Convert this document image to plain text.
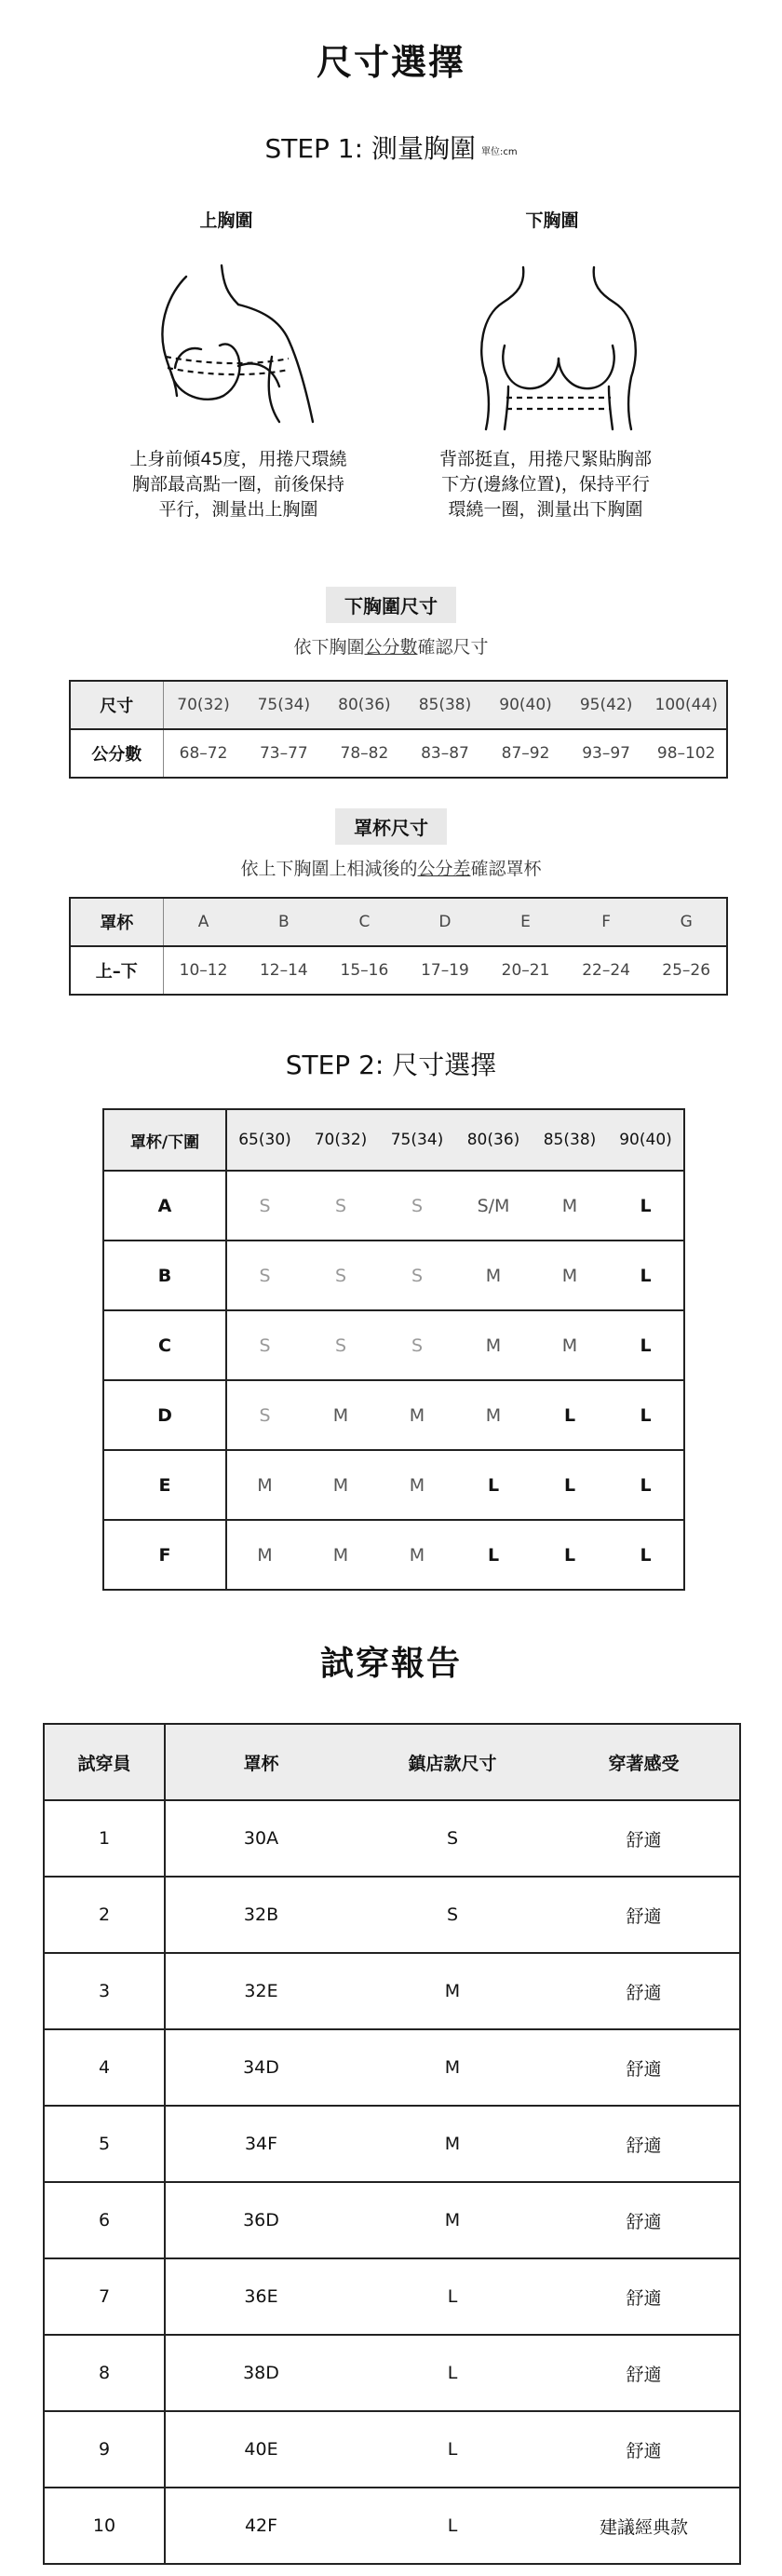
尺寸選擇
STEP 1: 測量胸圍 單位:cm
上胸圍	下胸圍
上身前傾45度，用捲尺環繞
胸部最高點一圈，前後保持
平行，測量出上胸圍
背部挺直，用捲尺緊貼胸部
下方(邊緣位置)，保持平行
環繞一圈，測量出下胸圍
下胸圍尺寸
依下胸圍公分數確認尺寸
尺寸	70(32)	75(34)	80(36)	85(38)	90(40)	95(42)	100(44)
公分數	68–72	73–77	78–82	83–87	87–92	93–97	98–102
罩杯尺寸
依上下胸圍上相減後的公分差確認罩杯
罩杯	A	B	C	D	E	F	G
上–下	10–12	12–14	15–16	17–19	20–21	22–24	25–26
STEP 2: 尺寸選擇
罩杯/下圍	65(30)	70(32)	75(34)	80(36)	85(38)	90(40)
A	S	S	S	S/M	M	L
B	S	S	S	M	M	L
C	S	S	S	M	M	L
D	S	M	M	M	L	L
E	M	M	M	L	L	L
F	M	M	M	L	L	L
試穿報告
試穿員	罩杯	鎮店款尺寸	穿著感受
1	30A	S	舒適
2	32B	S	舒適
3	32E	M	舒適
4	34D	M	舒適
5	34F	M	舒適
6	36D	M	舒適
7	36E	L	舒適
8	38D	L	舒適
9	40E	L	舒適
10	42F	L	建議經典款
